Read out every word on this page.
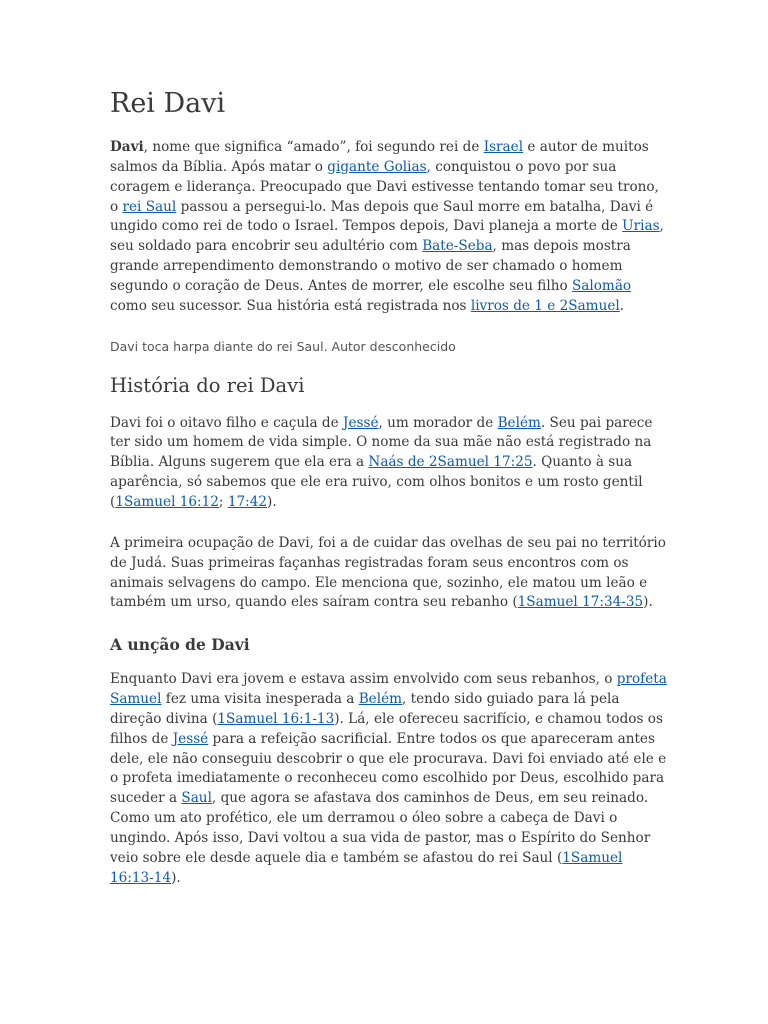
Rei Davi

Davi, nome que significa “amado”, foi segundo rei de Israel e autor de muitos salmos da Bíblia. Após matar o gigante Golias, conquistou o povo por sua coragem e liderança. Preocupado que Davi estivesse tentando tomar seu trono, o rei Saul passou a persegui-lo. Mas depois que Saul morre em batalha, Davi é ungido como rei de todo o Israel. Tempos depois, Davi planeja a morte de Urias, seu soldado para encobrir seu adultério com Bate-Seba, mas depois mostra grande arrependimento demonstrando o motivo de ser chamado o homem segundo o coração de Deus. Antes de morrer, ele escolhe seu filho Salomão como seu sucessor. Sua história está registrada nos livros de 1 e 2Samuel.

Davi toca harpa diante do rei Saul. Autor desconhecido
História do rei Davi

Davi foi o oitavo filho e caçula de Jessé, um morador de Belém. Seu pai parece ter sido um homem de vida simple. O nome da sua mãe não está registrado na Bíblia. Alguns sugerem que ela era a Naás de 2Samuel 17:25. Quanto à sua aparência, só sabemos que ele era ruivo, com olhos bonitos e um rosto gentil (1Samuel 16:12; 17:42).

A primeira ocupação de Davi, foi a de cuidar das ovelhas de seu pai no território de Judá. Suas primeiras façanhas registradas foram seus encontros com os animais selvagens do campo. Ele menciona que, sozinho, ele matou um leão e também um urso, quando eles saíram contra seu rebanho (1Samuel 17:34-35).

A unção de Davi

Enquanto Davi era jovem e estava assim envolvido com seus rebanhos, o profeta Samuel fez uma visita inesperada a Belém, tendo sido guiado para lá pela direção divina (1Samuel 16:1-13). Lá, ele ofereceu sacrifício, e chamou todos os filhos de Jessé para a refeição sacrificial. Entre todos os que apareceram antes dele, ele não conseguiu descobrir o que ele procurava. Davi foi enviado até ele e o profeta imediatamente o reconheceu como escolhido por Deus, escolhido para suceder a Saul, que agora se afastava dos caminhos de Deus, em seu reinado. Como um ato profético, ele um derramou o óleo sobre a cabeça de Davi o ungindo. Após isso, Davi voltou a sua vida de pastor, mas o Espírito do Senhor veio sobre ele desde aquele dia e também se afastou do rei Saul (1Samuel 16:13-14).
